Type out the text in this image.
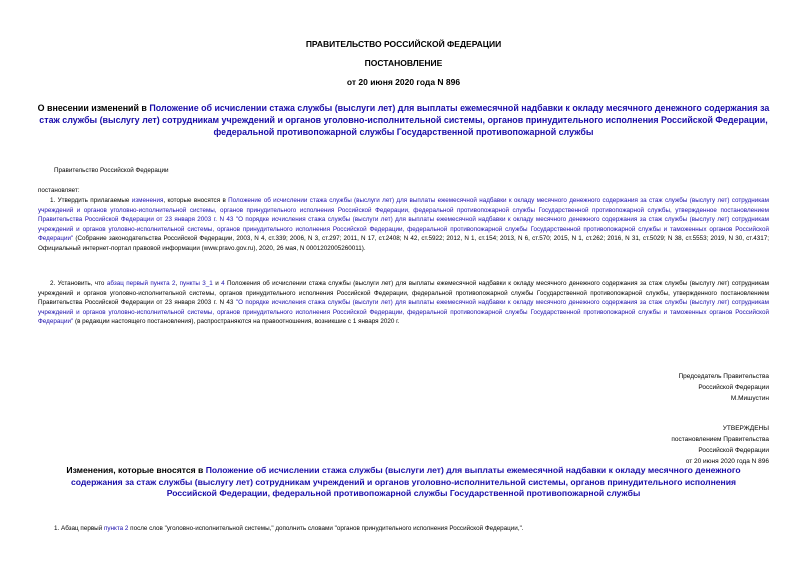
ПРАВИТЕЛЬСТВО РОССИЙСКОЙ ФЕДЕРАЦИИ
ПОСТАНОВЛЕНИЕ
от 20 июня 2020 года N 896
О внесении изменений в Положение об исчислении стажа службы (выслуги лет) для выплаты ежемесячной надбавки к окладу месячного денежного содержания за стаж службы (выслугу лет) сотрудникам учреждений и органов уголовно-исполнительной системы, органов принудительного исполнения Российской Федерации, федеральной противопожарной службы Государственной противопожарной службы
Правительство Российской Федерации
постановляет:
1. Утвердить прилагаемые изменения, которые вносятся в Положение об исчислении стажа службы (выслуги лет) для выплаты ежемесячной надбавки к окладу месячного денежного содержания за стаж службы (выслугу лет) сотрудникам учреждений и органов уголовно-исполнительной системы, органов принудительного исполнения Российской Федерации, федеральной противопожарной службы Государственной противопожарной службы, утвержденное постановлением Правительства Российской Федерации от 23 января 2003 г. N 43 "О порядке исчисления стажа службы (выслуги лет) для выплаты ежемесячной надбавки к окладу месячного денежного содержания за стаж службы (выслугу лет) сотрудникам учреждений и органов уголовно-исполнительной системы, органов принудительного исполнения Российской Федерации, федеральной противопожарной службы Государственной противопожарной службы и таможенных органов Российской Федерации" (Собрание законодательства Российской Федерации, 2003, N 4, ст.339; 2006, N 3, ст.297; 2011, N 17, ст.2408; N 42, ст.5922; 2012, N 1, ст.154; 2013, N 6, ст.570; 2015, N 1, ст.262; 2016, N 31, ст.5029; N 38, ст.5553; 2019, N 30, ст.4317; Официальный интернет-портал правовой информации (www.pravo.gov.ru), 2020, 26 мая, N 0001202005260011).
2. Установить, что абзац первый пункта 2, пункты 3_1 и 4 Положения об исчислении стажа службы (выслуги лет) для выплаты ежемесячной надбавки к окладу месячного денежного содержания за стаж службы (выслугу лет) сотрудникам учреждений и органов уголовно-исполнительной системы, органов принудительного исполнения Российской Федерации, федеральной противопожарной службы Государственной противопожарной службы, утвержденного постановлением Правительства Российской Федерации от 23 января 2003 г. N 43 "О порядке исчисления стажа службы (выслуги лет) для выплаты ежемесячной надбавки к окладу месячного денежного содержания за стаж службы (выслугу лет) сотрудникам учреждений и органов уголовно-исполнительной системы, органов принудительного исполнения Российской Федерации, федеральной противопожарной службы Государственной противопожарной службы и таможенных органов Российской Федерации" (в редакции настоящего постановления), распространяются на правоотношения, возникшие с 1 января 2020 г.
Председатель Правительства
Российской Федерации
М.Мишустин
УТВЕРЖДЕНЫ
постановлением Правительства
Российской Федерации
от 20 июня 2020 года N 896
Изменения, которые вносятся в Положение об исчислении стажа службы (выслуги лет) для выплаты ежемесячной надбавки к окладу месячного денежного содержания за стаж службы (выслугу лет) сотрудникам учреждений и органов уголовно-исполнительной системы, органов принудительного исполнения Российской Федерации, федеральной противопожарной службы Государственной противопожарной службы
1. Абзац первый пункта 2 после слов "уголовно-исполнительной системы," дополнить словами "органов принудительного исполнения Российской Федерации,".
